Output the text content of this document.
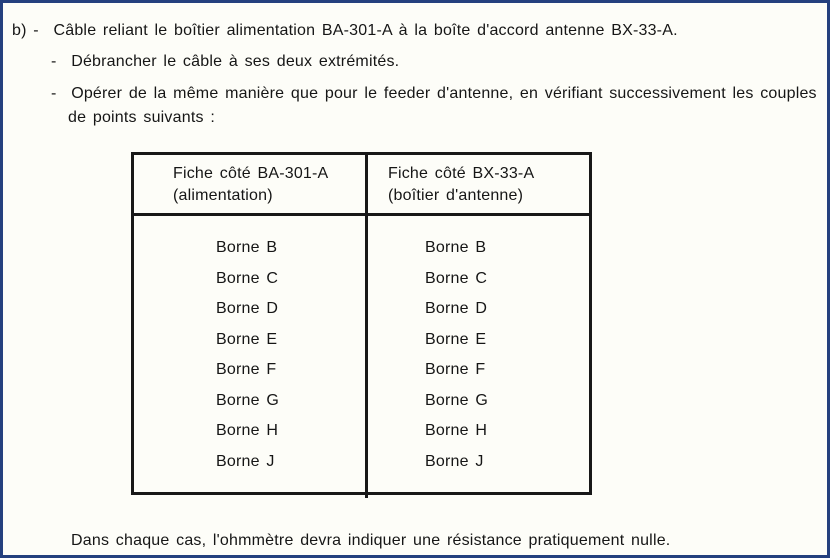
b) - Câble reliant le boîtier alimentation BA-301-A à la boîte d'accord antenne BX-33-A.
- Débrancher le câble à ses deux extrémités.
- Opérer de la même manière que pour le feeder d'antenne, en vérifiant successivement les couples
de points suivants :
Fiche côté BA-301-A
(alimentation)
Fiche côté BX-33-A
(boîtier d'antenne)
Borne B
Borne C
Borne D
Borne E
Borne F
Borne G
Borne H
Borne J
Borne B
Borne C
Borne D
Borne E
Borne F
Borne G
Borne H
Borne J
Dans chaque cas, l'ohmmètre devra indiquer une résistance pratiquement nulle.
